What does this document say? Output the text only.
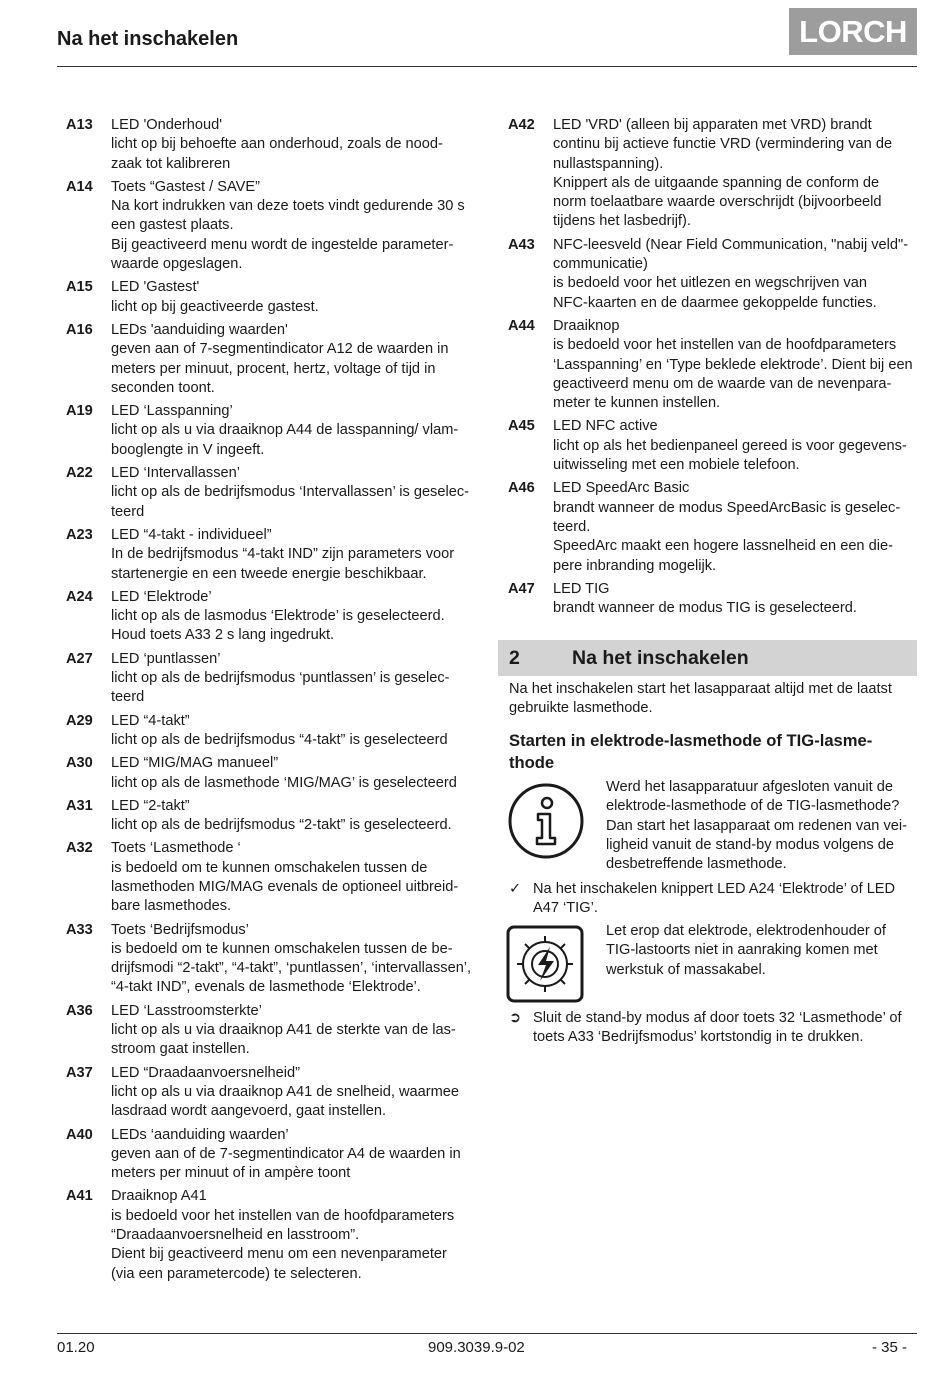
Na het inschakelen	LORCH
A13	LED 'Onderhoud'
licht op bij behoefte aan onderhoud, zoals de nood-
zaak tot kalibreren
A14	Toets “Gastest / SAVE”
Na kort indrukken van deze toets vindt gedurende 30 s
een gastest plaats.
Bij geactiveerd menu wordt de ingestelde parameter-
waarde opgeslagen.
A15	LED 'Gastest'
licht op bij geactiveerde gastest.
A16	LEDs 'aanduiding waarden'
geven aan of 7-segmentindicator A12 de waarden in
meters per minuut, procent, hertz, voltage of tijd in
seconden toont.
A19	LED ‘Lasspanning’
licht op als u via draaiknop A44 de lasspanning/ vlam-
booglengte in V ingeeft.
A22	LED ‘Intervallassen’
licht op als de bedrijfsmodus ‘Intervallassen’ is geselec-
teerd
A23	LED “4-takt - individueel”
In de bedrijfsmodus “4-takt IND” zijn parameters voor
startenergie en een tweede energie beschikbaar.
A24	LED ‘Elektrode’
licht op als de lasmodus ‘Elektrode’ is geselecteerd.
Houd toets A33 2 s lang ingedrukt.
A27	LED ‘puntlassen’
licht op als de bedrijfsmodus ‘puntlassen’ is geselec-
teerd
A29	LED “4-takt”
licht op als de bedrijfsmodus “4-takt” is geselecteerd
A30	LED “MIG/MAG manueel”
licht op als de lasmethode ‘MIG/MAG’ is geselecteerd
A31	LED “2-takt”
licht op als de bedrijfsmodus “2-takt” is geselecteerd.
A32	Toets ‘Lasmethode ‘
is bedoeld om te kunnen omschakelen tussen de
lasmethoden MIG/MAG evenals de optioneel uitbreid-
bare lasmethodes.
A33	Toets ‘Bedrijfsmodus’
is bedoeld om te kunnen omschakelen tussen de be-
drijfsmodi “2-takt”, “4-takt”, ‘puntlassen’, ‘intervallassen’,
“4-takt IND”, evenals de lasmethode ‘Elektrode’.
A36	LED ‘Lasstroomsterkte’
licht op als u via draaiknop A41 de sterkte van de las-
stroom gaat instellen.
A37	LED “Draadaanvoersnelheid”
licht op als u via draaiknop A41 de snelheid, waarmee
lasdraad wordt aangevoerd, gaat instellen.
A40	LEDs ‘aanduiding waarden’
geven aan of de 7-segmentindicator A4 de waarden in
meters per minuut of in ampère toont
A41	Draaiknop A41
is bedoeld voor het instellen van de hoofdparameters
“Draadaanvoersnelheid en lasstroom”.
Dient bij geactiveerd menu om een nevenparameter
(via een parametercode) te selecteren.
A42	LED 'VRD' (alleen bij apparaten met VRD) brandt
continu bij actieve functie VRD (vermindering van de
nullastspanning).
Knippert als de uitgaande spanning de conform de
norm toelaatbare waarde overschrijdt (bijvoorbeeld
tijdens het lasbedrijf).
A43	NFC-leesveld (Near Field Communication, "nabij veld"-
communicatie)
is bedoeld voor het uitlezen en wegschrijven van
NFC-kaarten en de daarmee gekoppelde functies.
A44	Draaiknop
is bedoeld voor het instellen van de hoofdparameters
‘Lasspanning’ en ‘Type beklede elektrode’. Dient bij een
geactiveerd menu om de waarde van de nevenpara-
meter te kunnen instellen.
A45	LED NFC active
licht op als het bedienpaneel gereed is voor gegevens-
uitwisseling met een mobiele telefoon.
A46	LED SpeedArc Basic
brandt wanneer de modus SpeedArcBasic is geselec-
teerd.
SpeedArc maakt een hogere lassnelheid en een die-
pere inbranding mogelijk.
A47	LED TIG
brandt wanneer de modus TIG is geselecteerd.
2	Na het inschakelen
Na het inschakelen start het lasapparaat altijd met de laatst
gebruikte lasmethode.
Starten in elektrode-lasmethode of TIG-lasme-
thode
Werd het lasapparatuur afgesloten vanuit de
elektrode-lasmethode of de TIG-lasmethode?
Dan start het lasapparaat om redenen van vei-
ligheid vanuit de stand-by modus volgens de
desbetreffende lasmethode.
✓ Na het inschakelen knippert LED A24 ‘Elektrode’ of LED
A47 ‘TIG’.
Let erop dat elektrode, elektrodenhouder of
TIG-lastoorts niet in aanraking komen met
werkstuk of massakabel.
➲ Sluit de stand-by modus af door toets 32 ‘Lasmethode’ of
toets A33 ‘Bedrijfsmodus’ kortstondig in te drukken.
01.20	909.3039.9-02	- 35 -
